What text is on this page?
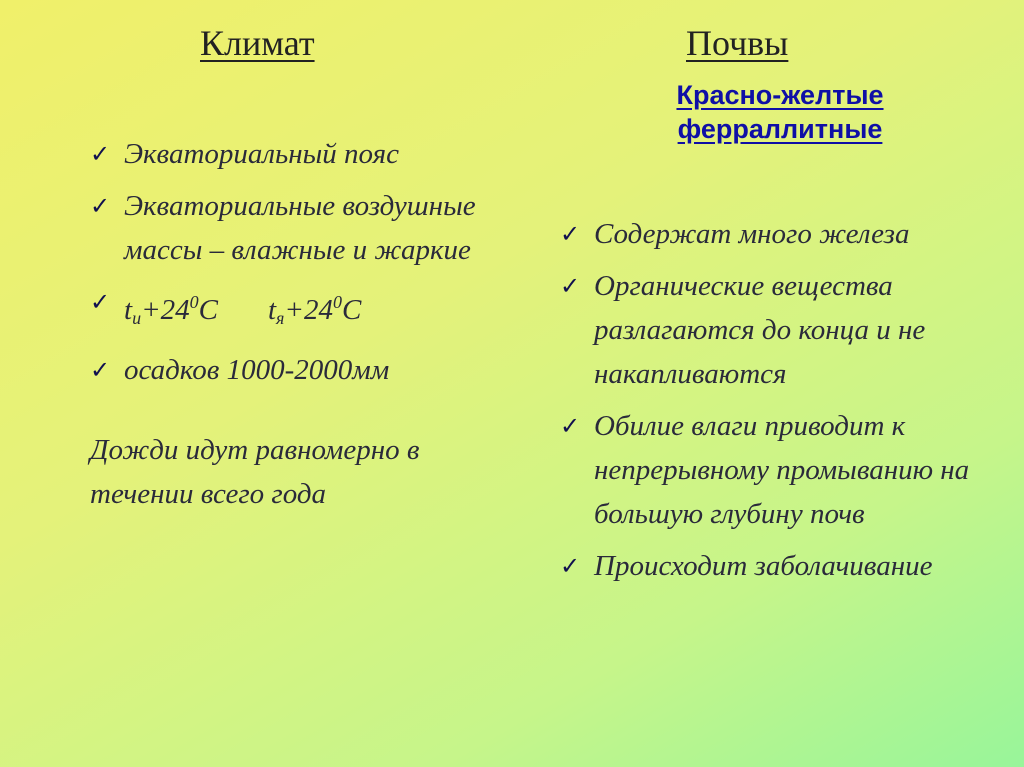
Климат	Почвы

Красно-желтые ферраллитные

✓ Экваториальный пояс
✓ Экваториальные воздушные массы – влажные и жаркие
✓ $t_и+24^0С$ $t_я+24^0С$
✓ осадков 1000-2000мм

Дожди идут равномерно в течении всего года

✓ Содержат много железа
✓ Органические вещества разлагаются до конца и не накапливаются
✓ Обилие влаги приводит к непрерывному промыванию на большую глубину почв
✓ Происходит заболачивание
